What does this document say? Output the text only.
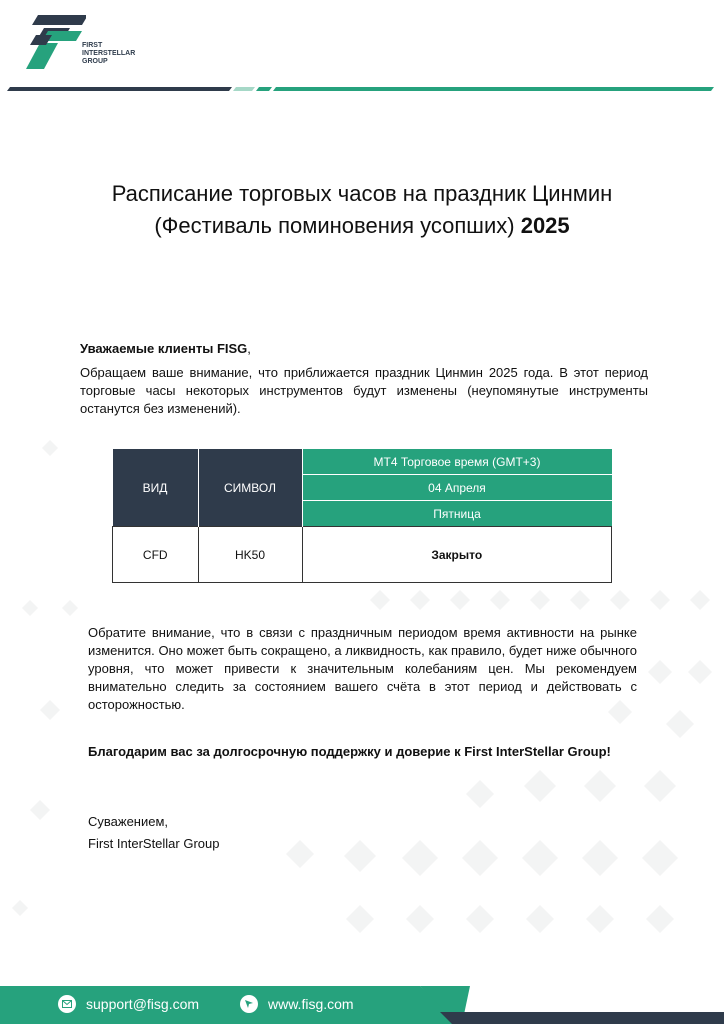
FIRST
INTERSTELLAR
GROUP
Расписание торговых часов на праздник Цинмин
(Фестиваль поминовения усопших) 2025
Уважаемые клиенты FISG,
Обращаем ваше внимание, что приближается праздник Цинмин 2025 года. В этот период торговые часы некоторых инструментов будут изменены (неупомянутые инструменты останутся без изменений).
ВИД	СИМВОЛ	MT4 Торговое время (GMT+3)
		04 Апреля
		Пятница
CFD	HK50	Закрыто
Обратите внимание, что в связи с праздничным периодом время активности на рынке изменится. Оно может быть сокращено, а ликвидность, как правило, будет ниже обычного уровня, что может привести к значительным колебаниям цен. Мы рекомендуем внимательно следить за состоянием вашего счёта в этот период и действовать с осторожностью.
Благодарим вас за долгосрочную поддержку и доверие к First InterStellar Group!
Суважением,
First InterStellar Group
support@fisg.com	www.fisg.com
